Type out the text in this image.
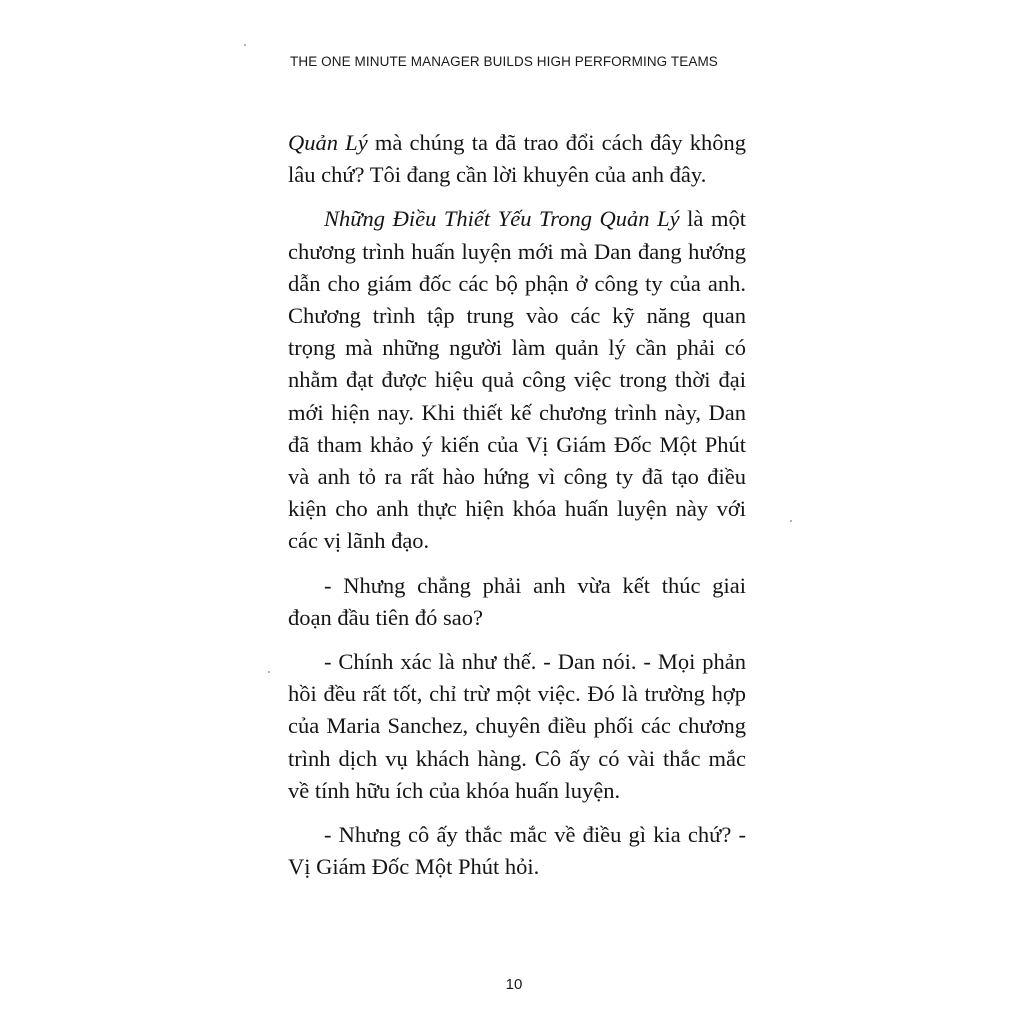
THE ONE MINUTE MANAGER BUILDS HIGH PERFORMING TEAMS

Quản Lý mà chúng ta đã trao đổi cách đây không lâu chứ? Tôi đang cần lời khuyên của anh đây.

Những Điều Thiết Yếu Trong Quản Lý là một chương trình huấn luyện mới mà Dan đang hướng dẫn cho giám đốc các bộ phận ở công ty của anh. Chương trình tập trung vào các kỹ năng quan trọng mà những người làm quản lý cần phải có nhằm đạt được hiệu quả công việc trong thời đại mới hiện nay. Khi thiết kế chương trình này, Dan đã tham khảo ý kiến của Vị Giám Đốc Một Phút và anh tỏ ra rất hào hứng vì công ty đã tạo điều kiện cho anh thực hiện khóa huấn luyện này với các vị lãnh đạo.

- Nhưng chẳng phải anh vừa kết thúc giai đoạn đầu tiên đó sao?

- Chính xác là như thế. - Dan nói. - Mọi phản hồi đều rất tốt, chỉ trừ một việc. Đó là trường hợp của Maria Sanchez, chuyên điều phối các chương trình dịch vụ khách hàng. Cô ấy có vài thắc mắc về tính hữu ích của khóa huấn luyện.

- Nhưng cô ấy thắc mắc về điều gì kia chứ? - Vị Giám Đốc Một Phút hỏi.

10
